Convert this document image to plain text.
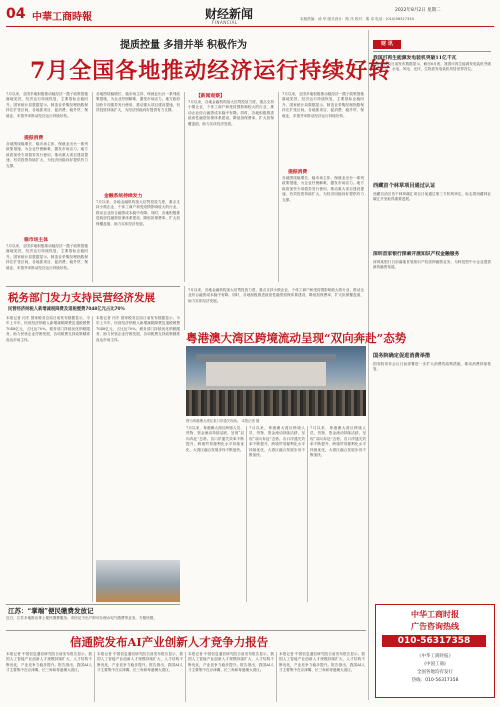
04 中華工商時報	财经新闻
FINANCIAL
2022年8月2日 星期二
本版责编：汤 华 版式设计：路 洋 校对：秦 卓 电话：(010)56317330
提质控量 多措并举 积极作为
7月全国各地推动经济运行持续好转
财 讯
我国可再生能源发电装机突破11亿千瓦
国家能源局日前发布数据显示，截至6月底，我国可再生能源发电装机突破11亿千瓦，水电、风电、光伏、生物质发电装机均居世界首位。
西藏首个林草项目通过认证
西藏自治区首个林草碳汇项目日前通过第三方机构审定，标志着西藏林业碳汇开发取得重要进展。
深圳首家银行探索开展知识产权金融服务
深圳某银行日前落地首笔知识产权质押融资业务，为科技型中小企业提供新的融资渠道。
国务院确定促进消费举措
国务院常务会议日前部署进一步扩大消费的政策措施，推动消费持续恢复。
中华工商时报
广告咨询热线
010-56317358
《中华工商时报》
(中国工商)
全国各地均有发行
热线：010-56317358
7月以来，全国多地积极推动稳经济一揽子政策措施落地见效，经济运行持续恢复，主要指标企稳回升。国家统计局数据显示，制造业采购经理指数保持在扩张区间，各地抓项目、促消费、稳外贸、保就业，多措并举推动经济运行持续好转。
提振消费
各地围绕稳增长、稳市场主体、保就业出台一系列政策措施，为企业纾困解难，激发市场活力。地方政府加快专项债券发行使用，推动重大项目建设提速，有效投资持续扩大，为经济回稳向好提供有力支撑。
稳市场主体
7月以来，全国多地积极推动稳经济一揽子政策措施落地见效，经济运行持续恢复，主要指标企稳回升。国家统计局数据显示，制造业采购经理指数保持在扩张区间，各地抓项目、促消费、稳外贸、保就业，多措并举推动经济运行持续好转。
各地围绕稳增长、稳市场主体、保就业出台一系列政策措施，为企业纾困解难，激发市场活力。地方政府加快专项债券发行使用，推动重大项目建设提速，有效投资持续扩大，为经济回稳向好提供有力支撑。
金融系统持续发力
7月以来，各地金融机构加大信贷投放力度，重点支持小微企业、个体工商户和受疫情影响较大的行业，推动企业综合融资成本稳中有降。同时，各地积极推进政府性融资担保体系建设，降低担保费率，扩大担保覆盖面，助力实体经济发展。
【新闻观察】
7月以来，各地金融机构加大信贷投放力度，重点支持小微企业、个体工商户和受疫情影响较大的行业，推动企业综合融资成本稳中有降。同时，各地积极推进政府性融资担保体系建设，降低担保费率，扩大担保覆盖面，助力实体经济发展。
7月以来，全国多地积极推动稳经济一揽子政策措施落地见效，经济运行持续恢复，主要指标企稳回升。国家统计局数据显示，制造业采购经理指数保持在扩张区间，各地抓项目、促消费、稳外贸、保就业，多措并举推动经济运行持续好转。
提振消费
各地围绕稳增长、稳市场主体、保就业出台一系列政策措施，为企业纾困解难，激发市场活力。地方政府加快专项债券发行使用，推动重大项目建设提速，有效投资持续扩大，为经济回稳向好提供有力支撑。
税务部门发力支持民营经济发展
民营经济纳税人新增减税降费及退税缓费7048亿元占比70%
本报记者 闫冬 国家税务总局日前发布数据显示，今年上半年，民营经济纳税人新增减税降费及退税缓费7048亿元，占比达70%。税务部门持续优化纳税服务，助力民营企业纾困发展，各项税费支持政策精准直达市场主体。
本报记者 闫冬 国家税务总局日前发布数据显示，今年上半年，民营经济纳税人新增减税降费及退税缓费7048亿元，占比达70%。税务部门持续优化纳税服务，助力民营企业纾困发展，各项税费支持政策精准直达市场主体。
7月以来，各地金融机构加大信贷投放力度，重点支持小微企业、个体工商户和受疫情影响较大的行业，推动企业综合融资成本稳中有降。同时，各地积极推进政府性融资担保体系建设，降低担保费率，扩大担保覆盖面，助力实体经济发展。
粤港澳大湾区跨境流动呈现“双向奔赴”态势
图为粤港澳大湾区某口岸通关现场。 本报记者 摄
7月以来，粤港澳大湾区跨境人员、货物、资金流动持续活跃，呈现“双向奔赴”态势。各口岸通关效率不断提升，跨境贸易便利化水平持续优化，大湾区融合发展步伐不断加快。
7月以来，粤港澳大湾区跨境人员、货物、资金流动持续活跃，呈现“双向奔赴”态势。各口岸通关效率不断提升，跨境贸易便利化水平持续优化，大湾区融合发展步伐不断加快。
7月以来，粤港澳大湾区跨境人员、货物、资金流动持续活跃，呈现“双向奔赴”态势。各口岸通关效率不断提升，跨境贸易便利化水平持续优化，大湾区融合发展步伐不断加快。
江苏：“掌端”便民缴费发放记
近日，江苏多地推出掌上便民缴费服务，市民足不出户即可办理水电气缴费等业务，方便快捷。
信通院发布AI产业创新人才竞争力报告
本报记者 中国信息通信研究院日前发布报告显示，我国人工智能产业创新人才规模持续扩大，人才结构不断优化，产业竞争力稳步提升。报告指出，我国AI人才主要集中在京津冀、长三角和粤港澳大湾区。
本报记者 中国信息通信研究院日前发布报告显示，我国人工智能产业创新人才规模持续扩大，人才结构不断优化，产业竞争力稳步提升。报告指出，我国AI人才主要集中在京津冀、长三角和粤港澳大湾区。
本报记者 中国信息通信研究院日前发布报告显示，我国人工智能产业创新人才规模持续扩大，人才结构不断优化，产业竞争力稳步提升。报告指出，我国AI人才主要集中在京津冀、长三角和粤港澳大湾区。
本报记者 中国信息通信研究院日前发布报告显示，我国人工智能产业创新人才规模持续扩大，人才结构不断优化，产业竞争力稳步提升。报告指出，我国AI人才主要集中在京津冀、长三角和粤港澳大湾区。
